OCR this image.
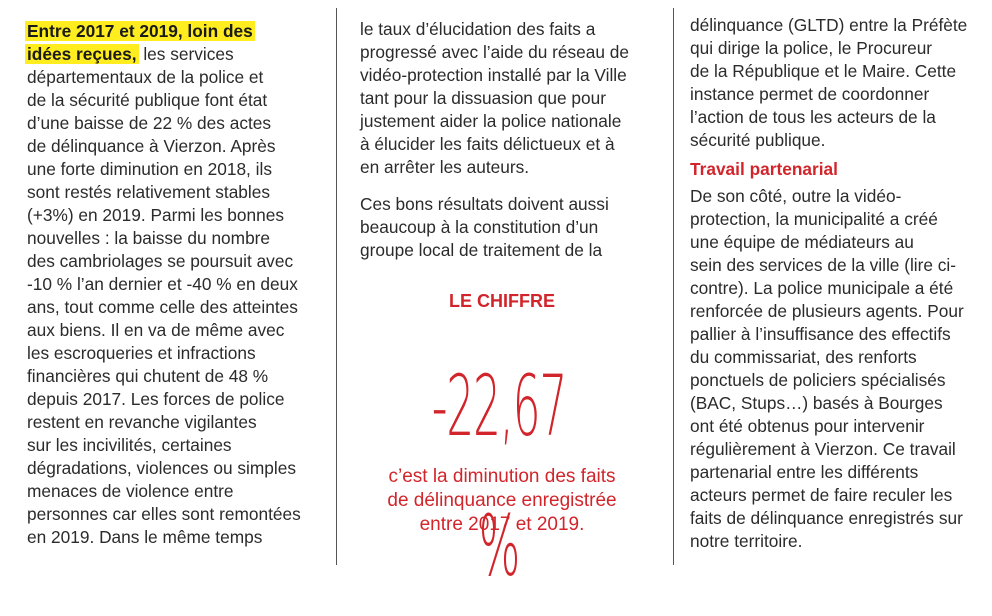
Entre 2017 et 2019, loin des
idées reçues, les services
départementaux de la police et
de la sécurité publique font état
d’une baisse de 22 % des actes
de délinquance à Vierzon. Après
une forte diminution en 2018, ils
sont restés relativement stables
(+3%) en 2019. Parmi les bonnes
nouvelles : la baisse du nombre
des cambriolages se poursuit avec
-10 % l’an dernier et -40 % en deux
ans, tout comme celle des atteintes
aux biens. Il en va de même avec
les escroqueries et infractions
financières qui chutent de 48 %
depuis 2017. Les forces de police
restent en revanche vigilantes
sur les incivilités, certaines
dégradations, violences ou simples
menaces de violence entre
personnes car elles sont remontées
en 2019. Dans le même temps
le taux d’élucidation des faits a
progressé avec l’aide du réseau de
vidéo-protection installé par la Ville
tant pour la dissuasion que pour
justement aider la police nationale
à élucider les faits délictueux et à
en arrêter les auteurs.
Ces bons résultats doivent aussi
beaucoup à la constitution d’un
groupe local de traitement de la
LE CHIFFRE
-22,67 %
c’est la diminution des faits
de délinquance enregistrée
entre 2017 et 2019.
délinquance (GLTD) entre la Préfète
qui dirige la police, le Procureur
de la République et le Maire. Cette
instance permet de coordonner
l’action de tous les acteurs de la
sécurité publique.
Travail partenarial
De son côté, outre la vidéo-
protection, la municipalité a créé
une équipe de médiateurs au
sein des services de la ville (lire ci-
contre). La police municipale a été
renforcée de plusieurs agents. Pour
pallier à l’insuffisance des effectifs
du commissariat, des renforts
ponctuels de policiers spécialisés
(BAC, Stups…) basés à Bourges
ont été obtenus pour intervenir
régulièrement à Vierzon. Ce travail
partenarial entre les différents
acteurs permet de faire reculer les
faits de délinquance enregistrés sur
notre territoire.
